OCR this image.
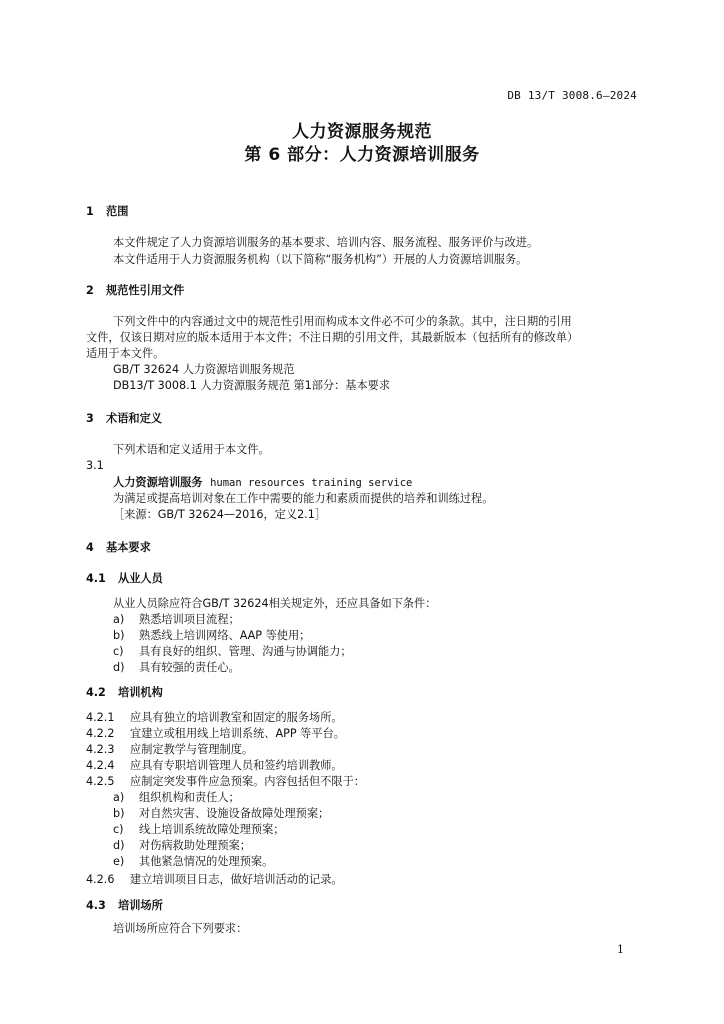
DB 13/T 3008.6—2024
人力资源服务规范
第 6 部分：人力资源培训服务
1 范围
本文件规定了人力资源培训服务的基本要求、培训内容、服务流程、服务评价与改进。
本文件适用于人力资源服务机构（以下简称“服务机构”）开展的人力资源培训服务。
2 规范性引用文件
下列文件中的内容通过文中的规范性引用而构成本文件必不可少的条款。其中，注日期的引用
文件，仅该日期对应的版本适用于本文件；不注日期的引用文件，其最新版本（包括所有的修改单）
适用于本文件。
GB/T 32624 人力资源培训服务规范
DB13/T 3008.1 人力资源服务规范 第1部分：基本要求
3 术语和定义
下列术语和定义适用于本文件。
3.1
人力资源培训服务 human resources training service
为满足或提高培训对象在工作中需要的能力和素质而提供的培养和训练过程。
［来源：GB/T 32624—2016，定义2.1］
4 基本要求
4.1 从业人员
从业人员除应符合GB/T 32624相关规定外，还应具备如下条件：
a) 熟悉培训项目流程；
b) 熟悉线上培训网络、AAP 等使用；
c) 具有良好的组织、管理、沟通与协调能力；
d) 具有较强的责任心。
4.2 培训机构
4.2.1 应具有独立的培训教室和固定的服务场所。
4.2.2 宜建立或租用线上培训系统、APP 等平台。
4.2.3 应制定教学与管理制度。
4.2.4 应具有专职培训管理人员和签约培训教师。
4.2.5 应制定突发事件应急预案。内容包括但不限于：
a) 组织机构和责任人；
b) 对自然灾害、设施设备故障处理预案；
c) 线上培训系统故障处理预案；
d) 对伤病救助处理预案；
e) 其他紧急情况的处理预案。
4.2.6 建立培训项目日志，做好培训活动的记录。
4.3 培训场所
培训场所应符合下列要求：
1
